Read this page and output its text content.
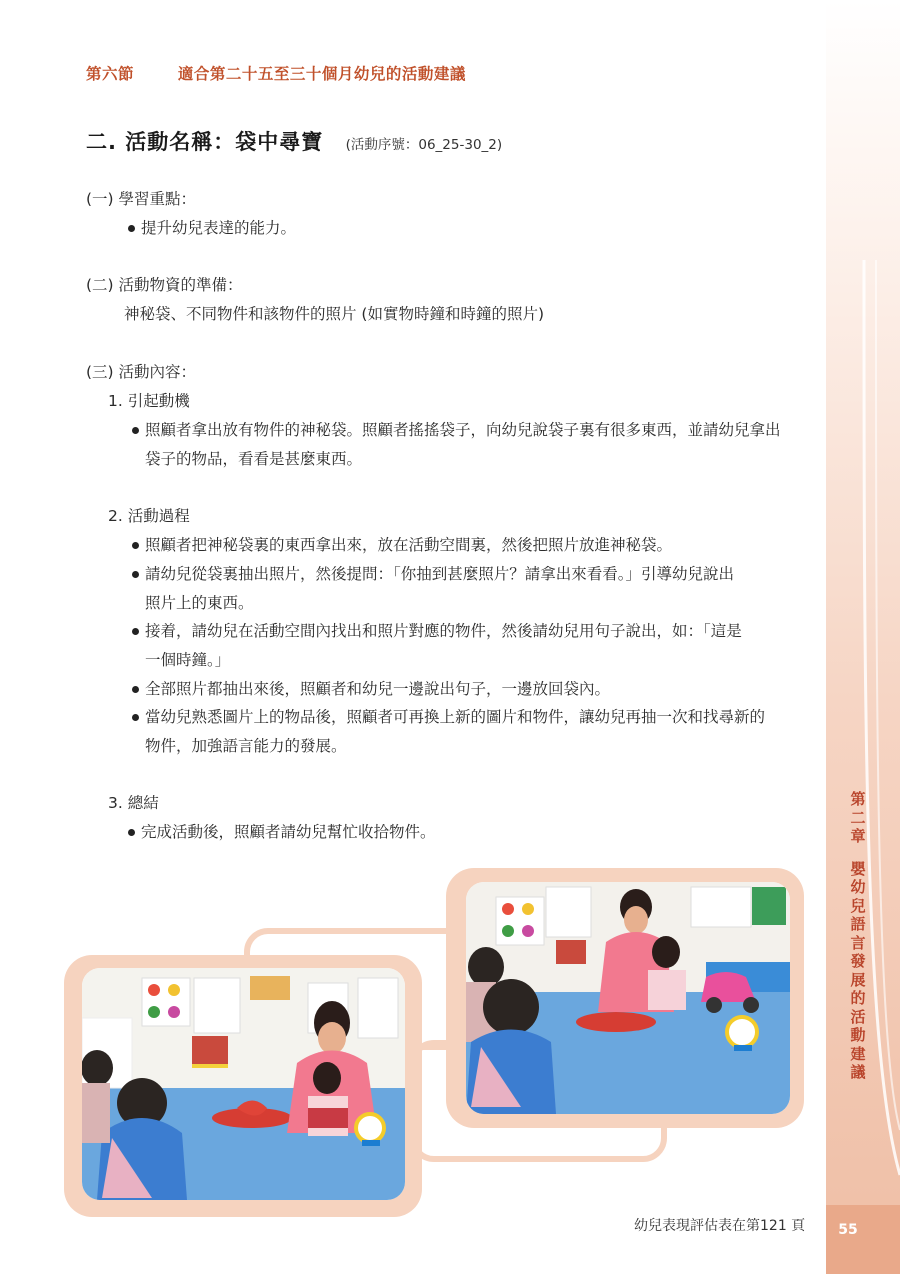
第二章
嬰幼兒語言發展的活動建議
55
第六節	適合第二十五至三十個月幼兒的活動建議
二. 活動名稱：袋中尋寶 (活動序號：06_25-30_2)
(一) 學習重點：
提升幼兒表達的能力。
(二) 活動物資的準備：
神秘袋、不同物件和該物件的照片 (如實物時鐘和時鐘的照片)
(三) 活動內容：
1. 引起動機
照顧者拿出放有物件的神秘袋。照顧者搖搖袋子，向幼兒說袋子裏有很多東西，並請幼兒拿出
袋子的物品，看看是甚麼東西。
2. 活動過程
照顧者把神秘袋裏的東西拿出來，放在活動空間裏，然後把照片放進神秘袋。
請幼兒從袋裏抽出照片，然後提問：「你抽到甚麼照片？請拿出來看看。」引導幼兒說出
照片上的東西。
接着，請幼兒在活動空間內找出和照片對應的物件，然後請幼兒用句子說出，如：「這是
一個時鐘。」
全部照片都抽出來後，照顧者和幼兒一邊說出句子，一邊放回袋內。
當幼兒熟悉圖片上的物品後，照顧者可再換上新的圖片和物件，讓幼兒再抽一次和找尋新的
物件，加強語言能力的發展。
3. 總結
完成活動後，照顧者請幼兒幫忙收拾物件。
幼兒表現評估表在第121 頁
